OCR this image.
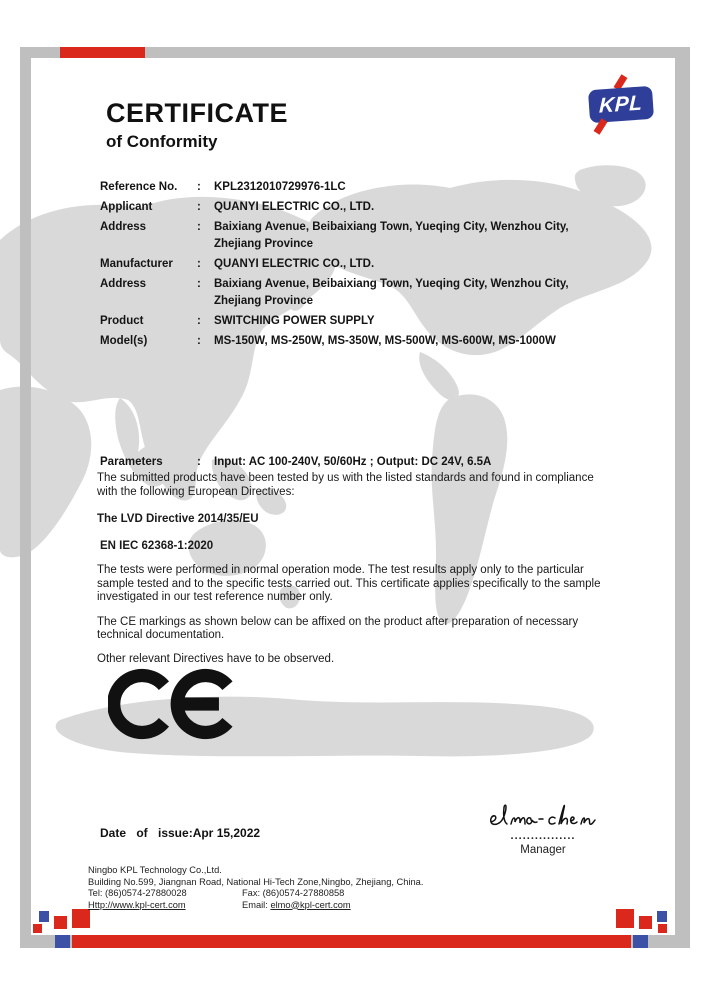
CERTIFICATE
of Conformity
KPL
Reference No.	:	KPL2312010729976-1LC
Applicant	:	QUANYI ELECTRIC CO., LTD.
Address	:	Baixiang Avenue, Beibaixiang Town, Yueqing City, Wenzhou City, Zhejiang Province
Manufacturer	:	QUANYI ELECTRIC CO., LTD.
Address	:	Baixiang Avenue, Beibaixiang Town, Yueqing City, Wenzhou City, Zhejiang Province
Product	:	SWITCHING POWER SUPPLY
Model(s)	:	MS-150W, MS-250W, MS-350W, MS-500W, MS-600W, MS-1000W
Parameters	:	Input: AC 100-240V, 50/60Hz ; Output: DC 24V, 6.5A

The submitted products have been tested by us with the listed standards and found in compliance with the following European Directives:

The LVD Directive 2014/35/EU

EN IEC 62368-1:2020

The tests were performed in normal operation mode. The test results apply only to the particular sample tested and to the specific tests carried out. This certificate applies specifically to the sample investigated in our test reference number only.

The CE markings as shown below can be affixed on the product after preparation of necessary technical documentation.

Other relevant Directives have to be observed.

Date of issue:Apr 15,2022	................
Manager
Ningbo KPL Technology Co.,Ltd.
Building No.599, Jiangnan Road, National Hi-Tech Zone,Ningbo, Zhejiang, China.
Tel: (86)0574-27880028	Fax: (86)0574-27880858
Http://www.kpl-cert.com	Email: elmo@kpl-cert.com
